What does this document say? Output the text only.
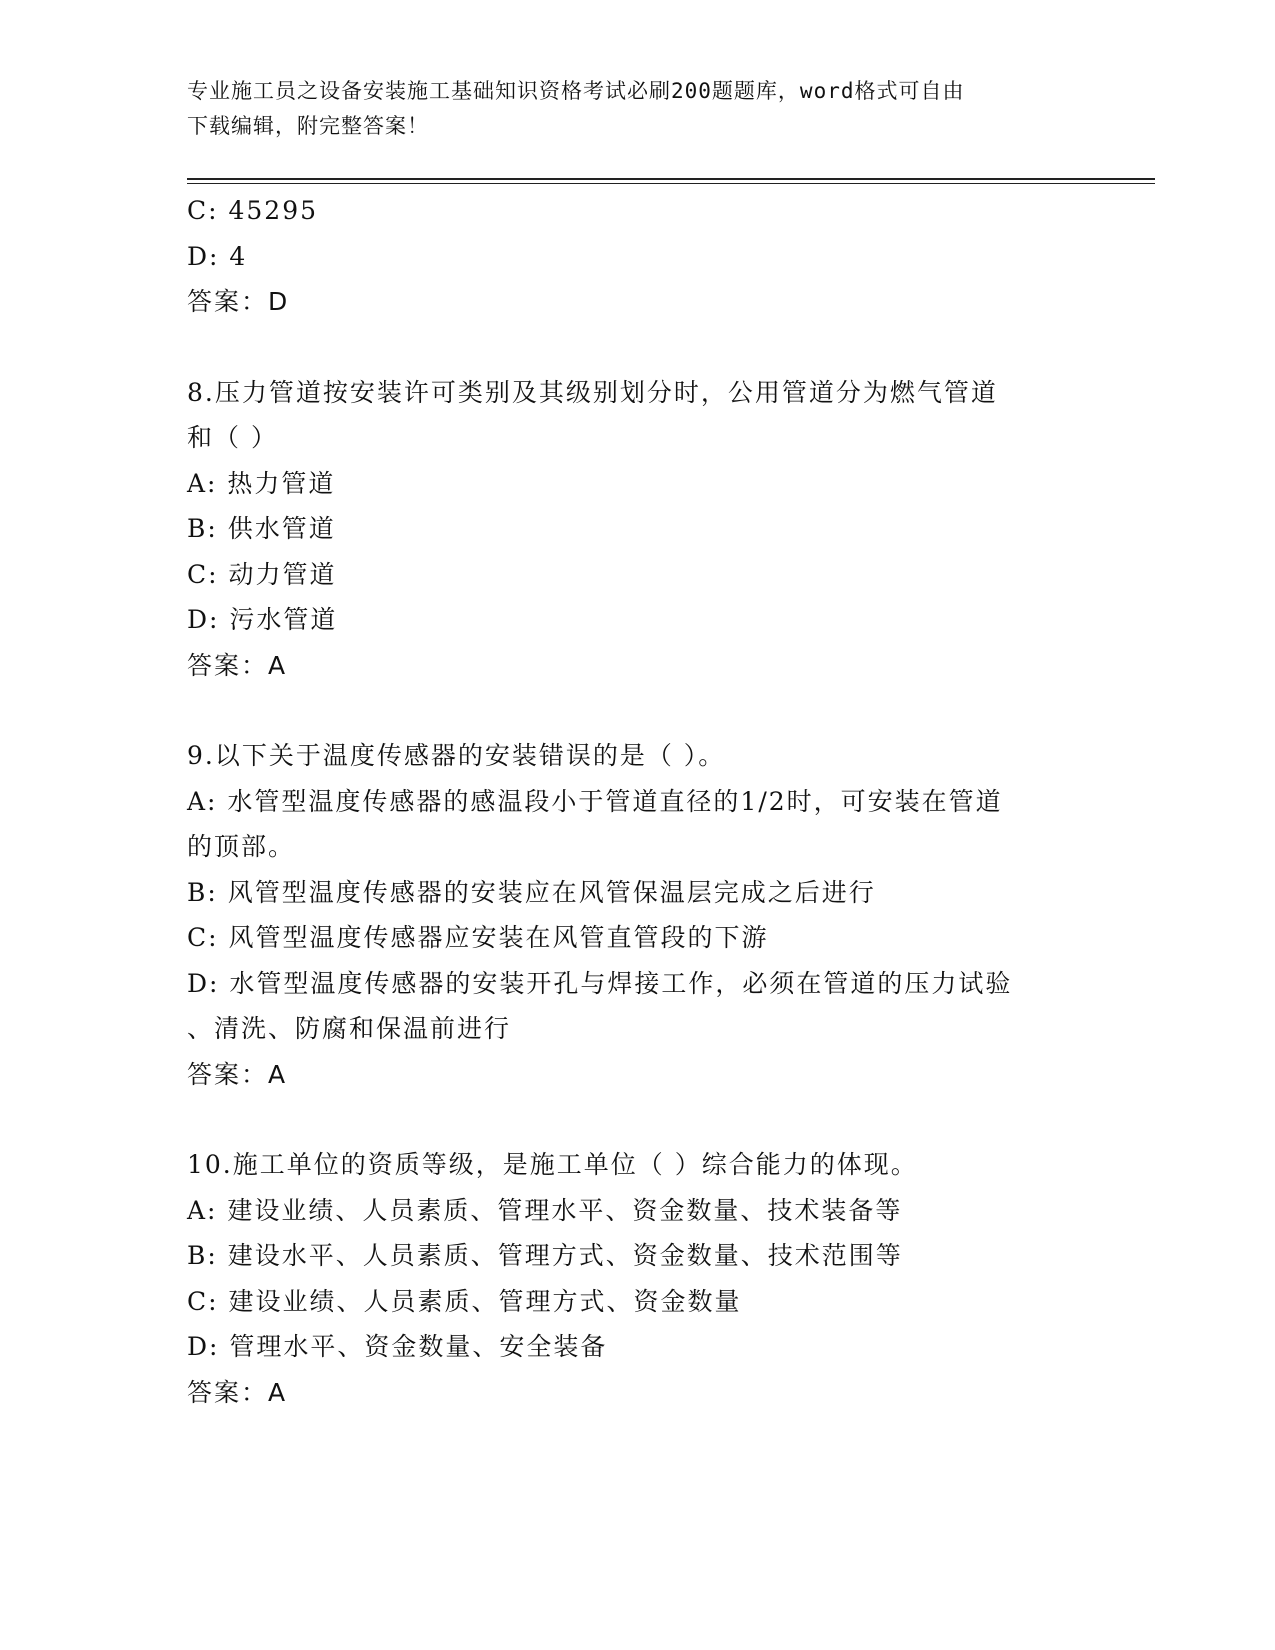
专业施工员之设备安装施工基础知识资格考试必刷200题题库，word格式可自由
下载编辑，附完整答案！

C: 45295

D: 4

答案：D

8.压力管道按安装许可类别及其级别划分时，公用管道分为燃气管道

和（ ）

A: 热力管道

B: 供水管道

C: 动力管道

D: 污水管道

答案：A

9.以下关于温度传感器的安装错误的是（ ）。

A: 水管型温度传感器的感温段小于管道直径的1/2时，可安装在管道

的顶部。

B: 风管型温度传感器的安装应在风管保温层完成之后进行

C: 风管型温度传感器应安装在风管直管段的下游

D: 水管型温度传感器的安装开孔与焊接工作，必须在管道的压力试验

、清洗、防腐和保温前进行

答案：A

10.施工单位的资质等级，是施工单位（ ）综合能力的体现。

A: 建设业绩、人员素质、管理水平、资金数量、技术装备等

B: 建设水平、人员素质、管理方式、资金数量、技术范围等

C: 建设业绩、人员素质、管理方式、资金数量

D: 管理水平、资金数量、安全装备

答案：A
